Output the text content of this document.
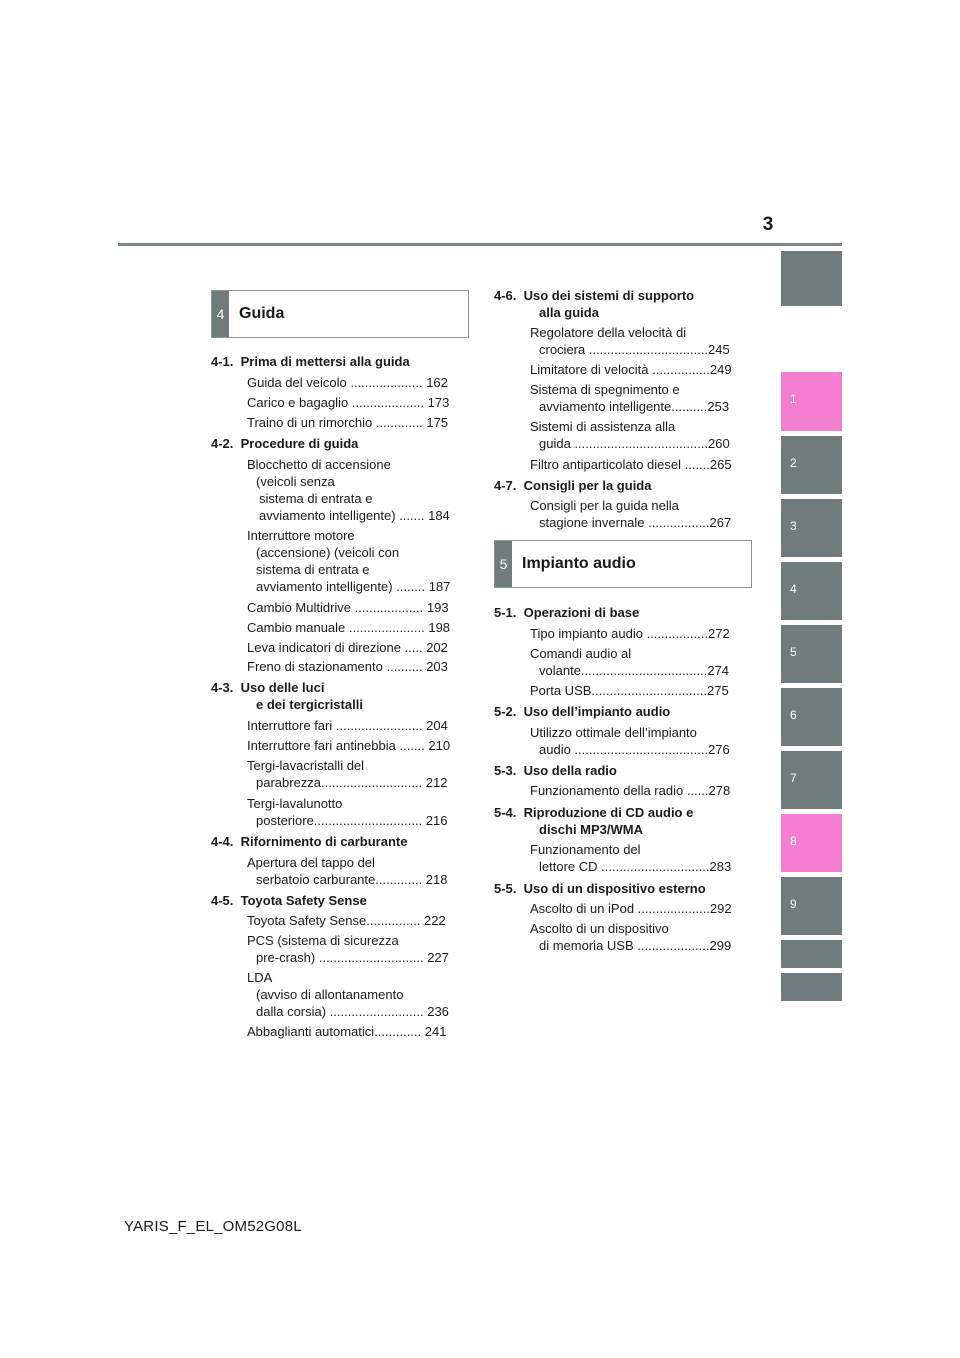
3
1
2
3
4
5
6
7
8
9
4 Guida
4-1.  Prima di mettersi alla guida
Guida del veicolo .................... 162
Carico e bagaglio .................... 173
Traino di un rimorchio ............. 175
4-2.  Procedure di guida
Blocchetto di accensione
(veicoli senza
sistema di entrata e
avviamento intelligente) ....... 184
Interruttore motore
(accensione) (veicoli con
sistema di entrata e
avviamento intelligente) ........ 187
Cambio Multidrive ................... 193
Cambio manuale ..................... 198
Leva indicatori di direzione ..... 202
Freno di stazionamento .......... 203
4-3.  Uso delle luci
e dei tergicristalli
Interruttore fari ........................ 204
Interruttore fari antinebbia ....... 210
Tergi-lavacristalli del
parabrezza............................ 212
Tergi-lavalunotto
posteriore.............................. 216
4-4.  Rifornimento di carburante
Apertura del tappo del
serbatoio carburante............. 218
4-5.  Toyota Safety Sense
Toyota Safety Sense............... 222
PCS (sistema di sicurezza
pre-crash) ............................. 227
LDA
(avviso di allontanamento
dalla corsia) .......................... 236
Abbaglianti automatici............. 241
4-6.  Uso dei sistemi di supporto
alla guida
Regolatore della velocità di
crociera .................................245
Limitatore di velocità ................249
Sistema di spegnimento e
avviamento intelligente..........253
Sistemi di assistenza alla
guida .....................................260
Filtro antiparticolato diesel .......265
4-7.  Consigli per la guida
Consigli per la guida nella
stagione invernale .................267
5 Impianto audio
5-1.  Operazioni di base
Tipo impianto audio .................272
Comandi audio al
volante...................................274
Porta USB................................275
5-2.  Uso dell’impianto audio
Utilizzo ottimale dell’impianto
audio .....................................276
5-3.  Uso della radio
Funzionamento della radio ......278
5-4.  Riproduzione di CD audio e
dischi MP3/WMA
Funzionamento del
lettore CD ..............................283
5-5.  Uso di un dispositivo esterno
Ascolto di un iPod ....................292
Ascolto di un dispositivo
di memoria USB ....................299
YARIS_F_EL_OM52G08L
